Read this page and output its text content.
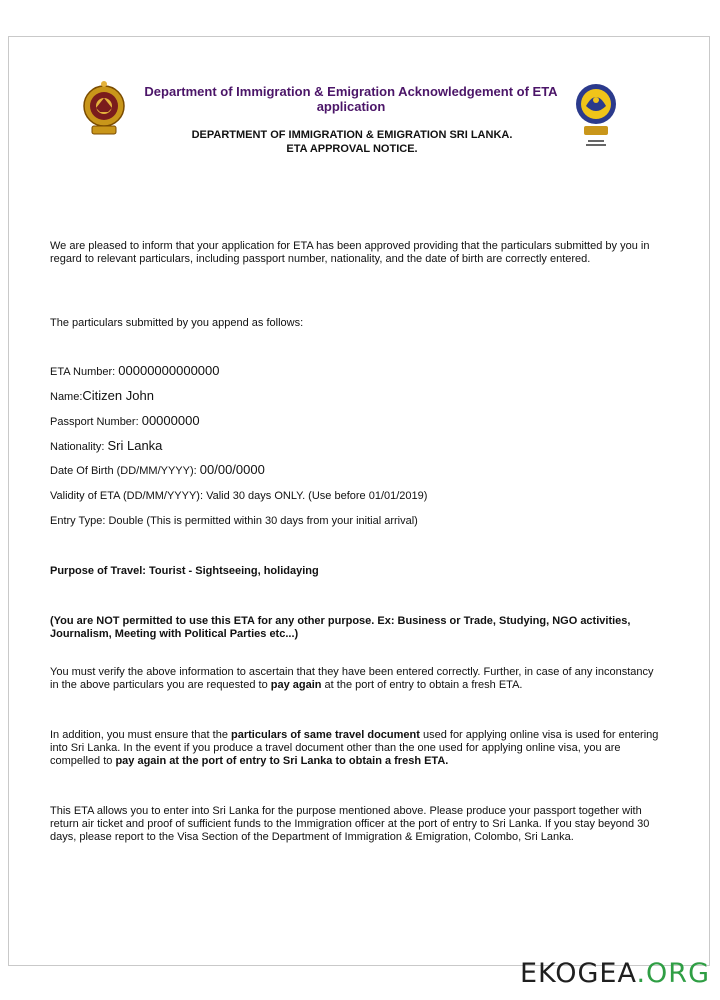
Department of Immigration & Emigration Acknowledgement of ETA application
DEPARTMENT OF IMMIGRATION & EMIGRATION SRI LANKA.
ETA APPROVAL NOTICE.

We are pleased to inform that your application for ETA has been approved providing that the particulars submitted by you in regard to relevant particulars, including passport number, nationality, and the date of birth are correctly entered.

The particulars submitted by you append as follows:

ETA Number: 00000000000000
Name:Citizen John
Passport Number: 00000000
Nationality: Sri Lanka
Date Of Birth (DD/MM/YYYY): 00/00/0000
Validity of ETA (DD/MM/YYYY): Valid 30 days ONLY. (Use before 01/01/2019)
Entry Type: Double (This is permitted within 30 days from your initial arrival)

Purpose of Travel: Tourist - Sightseeing, holidaying

(You are NOT permitted to use this ETA for any other purpose. Ex: Business or Trade, Studying, NGO activities, Journalism, Meeting with Political Parties etc...)

You must verify the above information to ascertain that they have been entered correctly. Further, in case of any inconstancy in the above particulars you are requested to pay again at the port of entry to obtain a fresh ETA.

In addition, you must ensure that the particulars of same travel document used for applying online visa is used for entering into Sri Lanka. In the event if you produce a travel document other than the one used for applying online visa, you are compelled to pay again at the port of entry to Sri Lanka to obtain a fresh ETA.

This ETA allows you to enter into Sri Lanka for the purpose mentioned above. Please produce your passport together with return air ticket and proof of sufficient funds to the Immigration officer at the port of entry to Sri Lanka. If you stay beyond 30 days, please report to the Visa Section of the Department of Immigration & Emigration, Colombo, Sri Lanka.

EKOGEA.ORG
